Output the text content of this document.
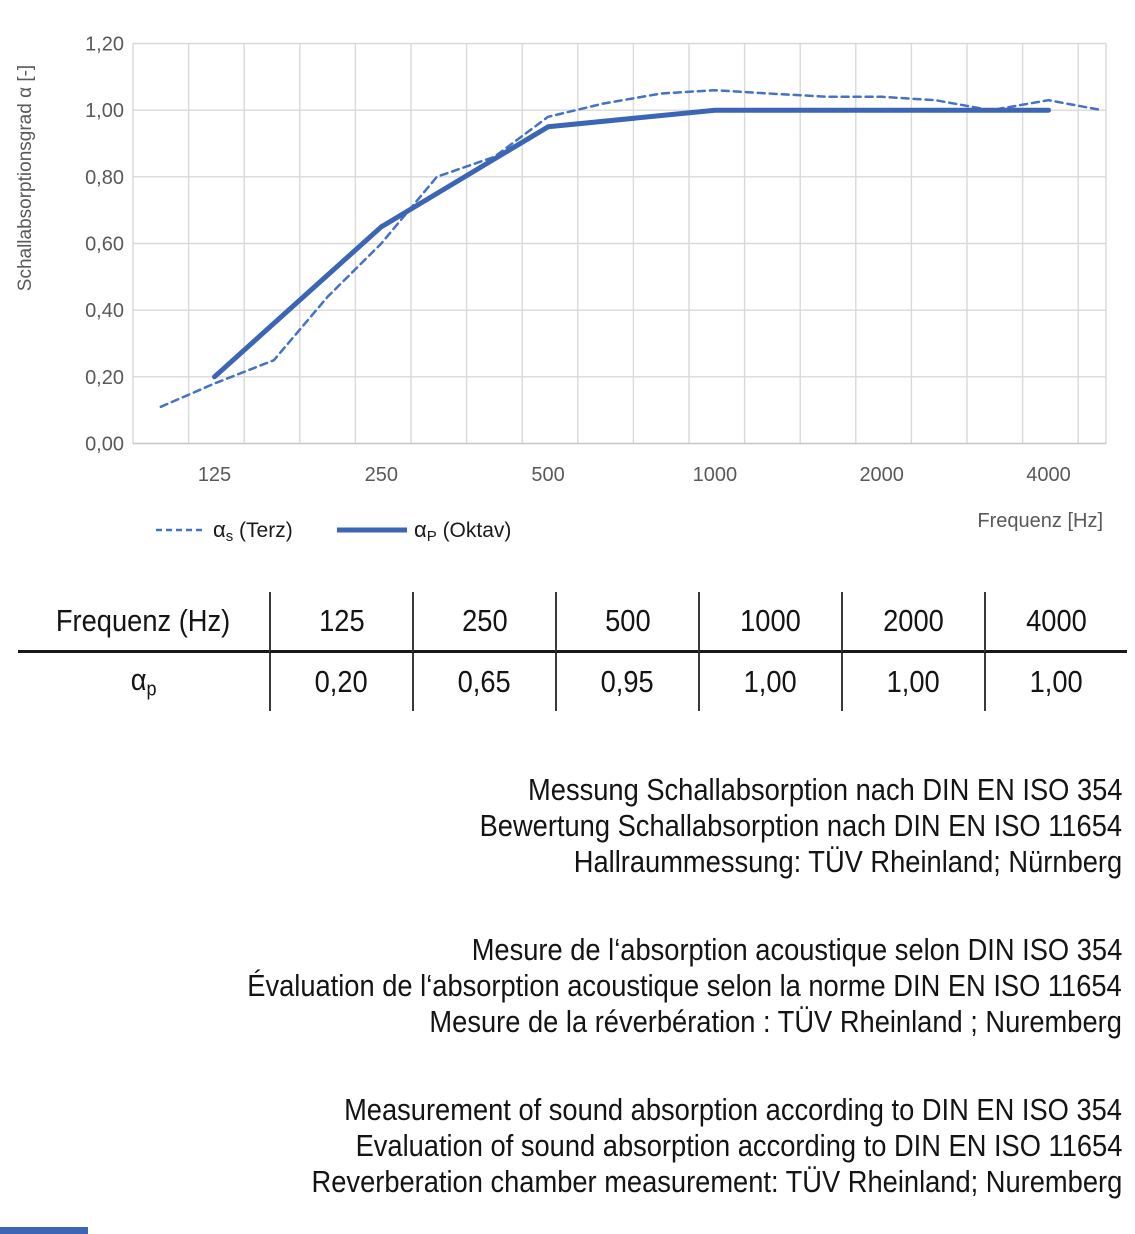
Schallabsorptionsgrad α [-]
0,00
0,20
0,40
0,60
0,80
1,00
1,20
125	250	500	1000	2000	4000
Frequenz [Hz]
αs (Terz)	αP (Oktav)
Frequenz (Hz)	125	250	500	1000	2000	4000
αp	0,20	0,65	0,95	1,00	1,00	1,00
Messung Schallabsorption nach DIN EN ISO 354
Bewertung Schallabsorption nach DIN EN ISO 11654
Hallraummessung: TÜV Rheinland; Nürnberg
Mesure de l‘absorption acoustique selon DIN ISO 354
Évaluation de l‘absorption acoustique selon la norme DIN EN ISO 11654
Mesure de la réverbération : TÜV Rheinland ; Nuremberg
Measurement of sound absorption according to DIN EN ISO 354
Evaluation of sound absorption according to DIN EN ISO 11654
Reverberation chamber measurement: TÜV Rheinland; Nuremberg
